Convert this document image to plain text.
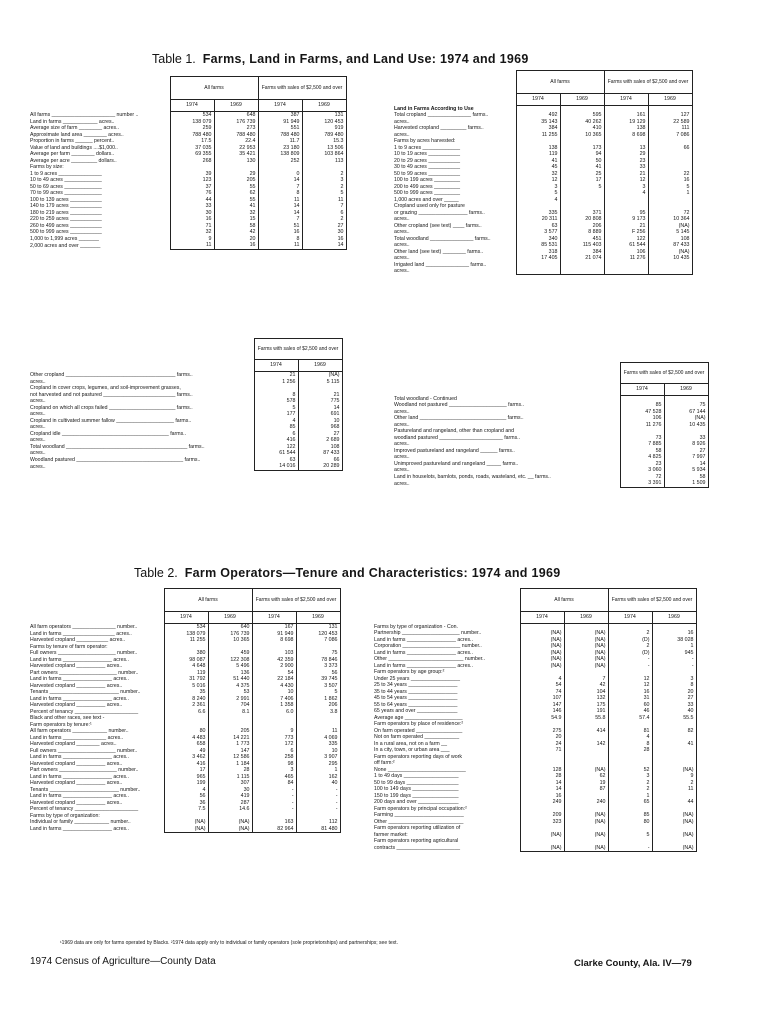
Table 1. Farms, Land in Farms, and Land Use: 1974 and 1969
	All farms		Farms with sales of $2,500 and over	
	1974	1969	1974	1969
All farms ______________________ number ..	534	648	387	131

Land in farms ____________ acres..	138 079	176 739	91 949	120 453
Average size of farm ________ acres..	259	273	551	919

Approximate land area ________ acres..	788 480	788 480	788 480	789 480
Proportion in farms ______ percent..	17.5	22.4	11.7	15.3

Value of land and buildings ....$1,000..	37 035	22 953	23 180	13 506
Average per farm ________ dollars..	69 355	35 421	138 809	103 864
Average per acre _________ dollars..	268	130	252	113

Farms by size:				
1 to 9 acres _______________	39	29	0	2
10 to 49 acres _____________	123	205	14	3
50 to 69 acres _____________	37	55	7	2
70 to 99 acres _____________	76	62	8	5
100 to 139 acres ___________	44	55	11	11
140 to 179 acres ___________	33	41	14	7

180 to 219 acres ___________	30	32	14	6
220 to 259 acres ___________	16	15	7	2
260 to 499 acres ___________	71	58	51	27
500 to 999 acres ___________	32	42	16	30
1,000 to 1,999 acres _______	9	20	8	16
2,000 acres and over _______	11	16	11	14
	All farms		Farms with sales of $2,500 and over	
	1974	1969	1974	1969
Land in Farms According to Use				
Total cropland _______________ farms..	492	595	161	127
acres..	35 143	40 262	19 129	22 589
Harvested cropland _________ farms..	384	410	138	111
acres..	11 255	10 365	8 698	7 086

Farms by acres harvested:				
1 to 9 acres _____________	138	173	13	66
10 to 19 acres ___________	119	94	29	
20 to 29 acres ___________	41	50	23	
30 to 49 acres ___________	45	41	33	

50 to 99 acres ___________	32	25	21	22
100 to 199 acres _________	12	17	12	16
200 to 499 acres _________	3	5	3	5
500 to 999 acres _________	5		4	1
1,000 acres and over _____	4			
Cropland used only for pasture				
or grazing _________________ farms..	335	371	95	72
acres..	20 311	20 808	9 173	10 364
Other cropland (see text) ____ farms..	63	206	21	(NA)
acres..	3 577	8 889	F 256	5 145

Total woodland _______________ farms..	340	451	122	108
acres..	85 531	115 403	61 544	87 433
Other land (see text) ________ farms..	318	384	106	(NA)
acres..	17 405	21 074	11 276	10 435
Irrigated land _______________ farms..				
acres..				
	Farms with sales of $2,500 and over	
	1974	1969
Other cropland ______________________________________ farms..	21	(NA)
acres..	1 256	5 115

Cropland in cover crops, legumes, and soil-improvement grasses,		
not harvested and not pastured _________________________ farms..	8	21
acres..	578	775
Cropland on which all crops failed _______________________ farms..	5	14
acres..	177	691

Cropland in cultivated summer fallow ____________________ farms..	4	10
acres..	85	968
Cropland idle _____________________________________ farms..	6	27
acres..	416	2 689

Total woodland __________________________________________ farms..	122	108
acres..	61 544	87 433
Woodland pastured _____________________________________ farms..	63	66
acres..	14 016	20 289
	Farms with sales of $2,500 and over	
	1974	1969
Total woodland - Continued		
Woodland not pastured ____________________ farms..	85	75
acres..	47 528	67 144

Other land ______________________________ farms..	106	(NA)
acres..	11 276	10 435
Pastureland and rangeland, other than cropland and		
woodland pastured ______________________ farms..	73	33
acres..	7 885	8 926

Improved pastureland and rangeland ______ farms..	58	27
acres..	4 825	7 997

Unimproved pastureland and rangeland _____ farms..	23	14
acres..	3 060	5 934

Land in houselots, barnlots, ponds, roads, wasteland, etc. __ farms..	72	58
acres..	3 391	1 509
Table 2. Farm Operators—Tenure and Characteristics: 1974 and 1969
	All farms		Farms with sales of $2,500 and over	
	1974	1969	1974	1969
All farm operators _______________ number..	534	640	167	131
Land in farms __________________ acres..	138 079	176 739	91 949	120 453
Harvested cropland ___________ acres..	11 255	10 365	8 698	7 086

Farms by tenure of farm operator:				
Full owners ____________________ number..	380	459	103	75
Land in farms _________________ acres..	98 087	122 308	42 359	78 846
Harvested cropland __________ acres..	4 648	5 496	2 900	3 373

Part owners ____________________ number..	119	136	54	56
Land in farms _________________ acres..	31 792	51 440	22 184	39 745
Harvested cropland __________ acres..	5 016	4 375	4 430	3 507

Tenants ________________________ number..	35	53	10	5
Land in farms _________________ acres..	8 240	2 991	7 406	1 862
Harvested cropland __________ acres..	2 361	704	1 358	206

Percent of tenancy ______________________	6.6	8.1	6.0	3.8

Black and other races, see text -				
Farm operators by tenure:¹				
All farm operators ____________ number..	80	205	9	11
Land in farms _______________ acres..	4 483	14 221	773	4 069
Harvested cropland ________ acres..	658	1 773	172	335

Full owners ____________________ number..	49	147	6	10
Land in farms _________________ acres..	3 462	12 586	258	3 907
Harvested cropland __________ acres..	416	1 184	98	295

Part owners ____________________ number..	17	28	3	1
Land in farms _________________ acres..	965	1 115	465	162
Harvested cropland __________ acres..	199	307	84	40

Tenants ________________________ number..	4	30	-	-
Land in farms _________________ acres..	56	419	-	-
Harvested cropland __________ acres..	36	287	-	-

Percent of tenancy ______________________	7.5	14.6	-	-

Farms by type of organization:				
Individual or family ____________ number..	(NA)	(NA)	163	112
Land in farms _________________ acres..	(NA)	(NA)	82 964	81 480
	All farms		Farms with sales of $2,500 and over	
	1974	1969	1974	1969
Farms by type of organization - Con.				
Partnership ____________________ number..	(NA)	(NA)	2	16
Land in farms _________________ acres..	(NA)	(NA)	(D)	38 028

Corporation ____________________ number..	(NA)	(NA)	2	1
Land in farms _________________ acres..	(NA)	(NA)	(D)	945

Other __________________________ number..	(NA)	(NA)	-	-
Land in farms _________________ acres..	(NA)	(NA)	-	-

Farm operators by age group:²				
Under 25 years _________________	4	7	12	3
25 to 34 years _________________	54	42	12	8
35 to 44 years _________________	74	104	16	20
45 to 54 years _________________	107	132	31	27
55 to 64 years _________________	147	175	60	33
65 years and over ______________	146	191	46	40
Average age ____________________	54.9	55.8	57.4	55.5

Farm operators by place of residence:²				
On farm operated ________________	275	414	81	82
Not on farm operated ____________	20		4	
In a rural area, not on a farm __	24	142	8	41
In a city, town, or urban area ___	71		28	

Farm operators reporting days of work				
off farm:²				
None ___________________________	128	(NA)	52	(NA)
1 to 49 days ___________________	28	62	3	9
50 to 99 days __________________	14	19	2	2
100 to 149 days ________________	14	87	2	11
150 to 199 days ________________	16		1	
200 days and over ______________	249	240	65	44

Farm operators by principal occupation:²				
Farming ________________________	209	(NA)	85	(NA)
Other __________________________	323	(NA)	80	(NA)

Farm operators reporting utilization of				
farmer market:	(NA)	(NA)	5	(NA)
Farm operators reporting agricultural				
contracts ______________________	(NA)	(NA)	-	(NA)
¹1969 data are only for farms operated by Blacks. ²1974 data apply only to individual or family operators (sole proprietorships) and partnerships; see text.
1974 Census of Agriculture—County Data	Clarke County, Ala. IV—79
